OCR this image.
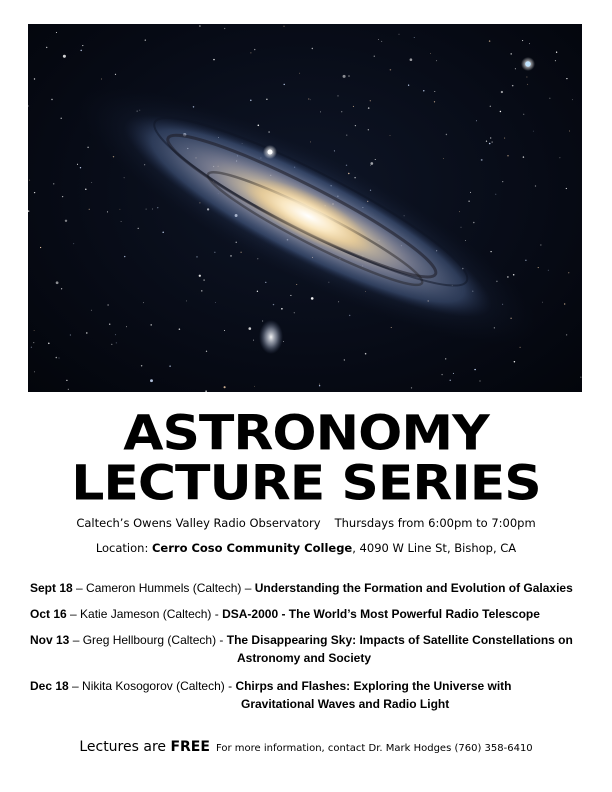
ASTRONOMY
LECTURE SERIES
Caltech’s Owens Valley Radio Observatory Thursdays from 6:00pm to 7:00pm
Location: Cerro Coso Community College, 4090 W Line St, Bishop, CA
Sept 18 – Cameron Hummels (Caltech) – Understanding the Formation and Evolution of Galaxies
Oct 16 – Katie Jameson (Caltech) - DSA-2000 - The World’s Most Powerful Radio Telescope
Nov 13 – Greg Hellbourg (Caltech) - The Disappearing Sky: Impacts of Satellite Constellations on
Astronomy and Society
Dec 18 – Nikita Kosogorov (Caltech) - Chirps and Flashes: Exploring the Universe with
Gravitational Waves and Radio Light
Lectures are FREE For more information, contact Dr. Mark Hodges (760) 358-6410
